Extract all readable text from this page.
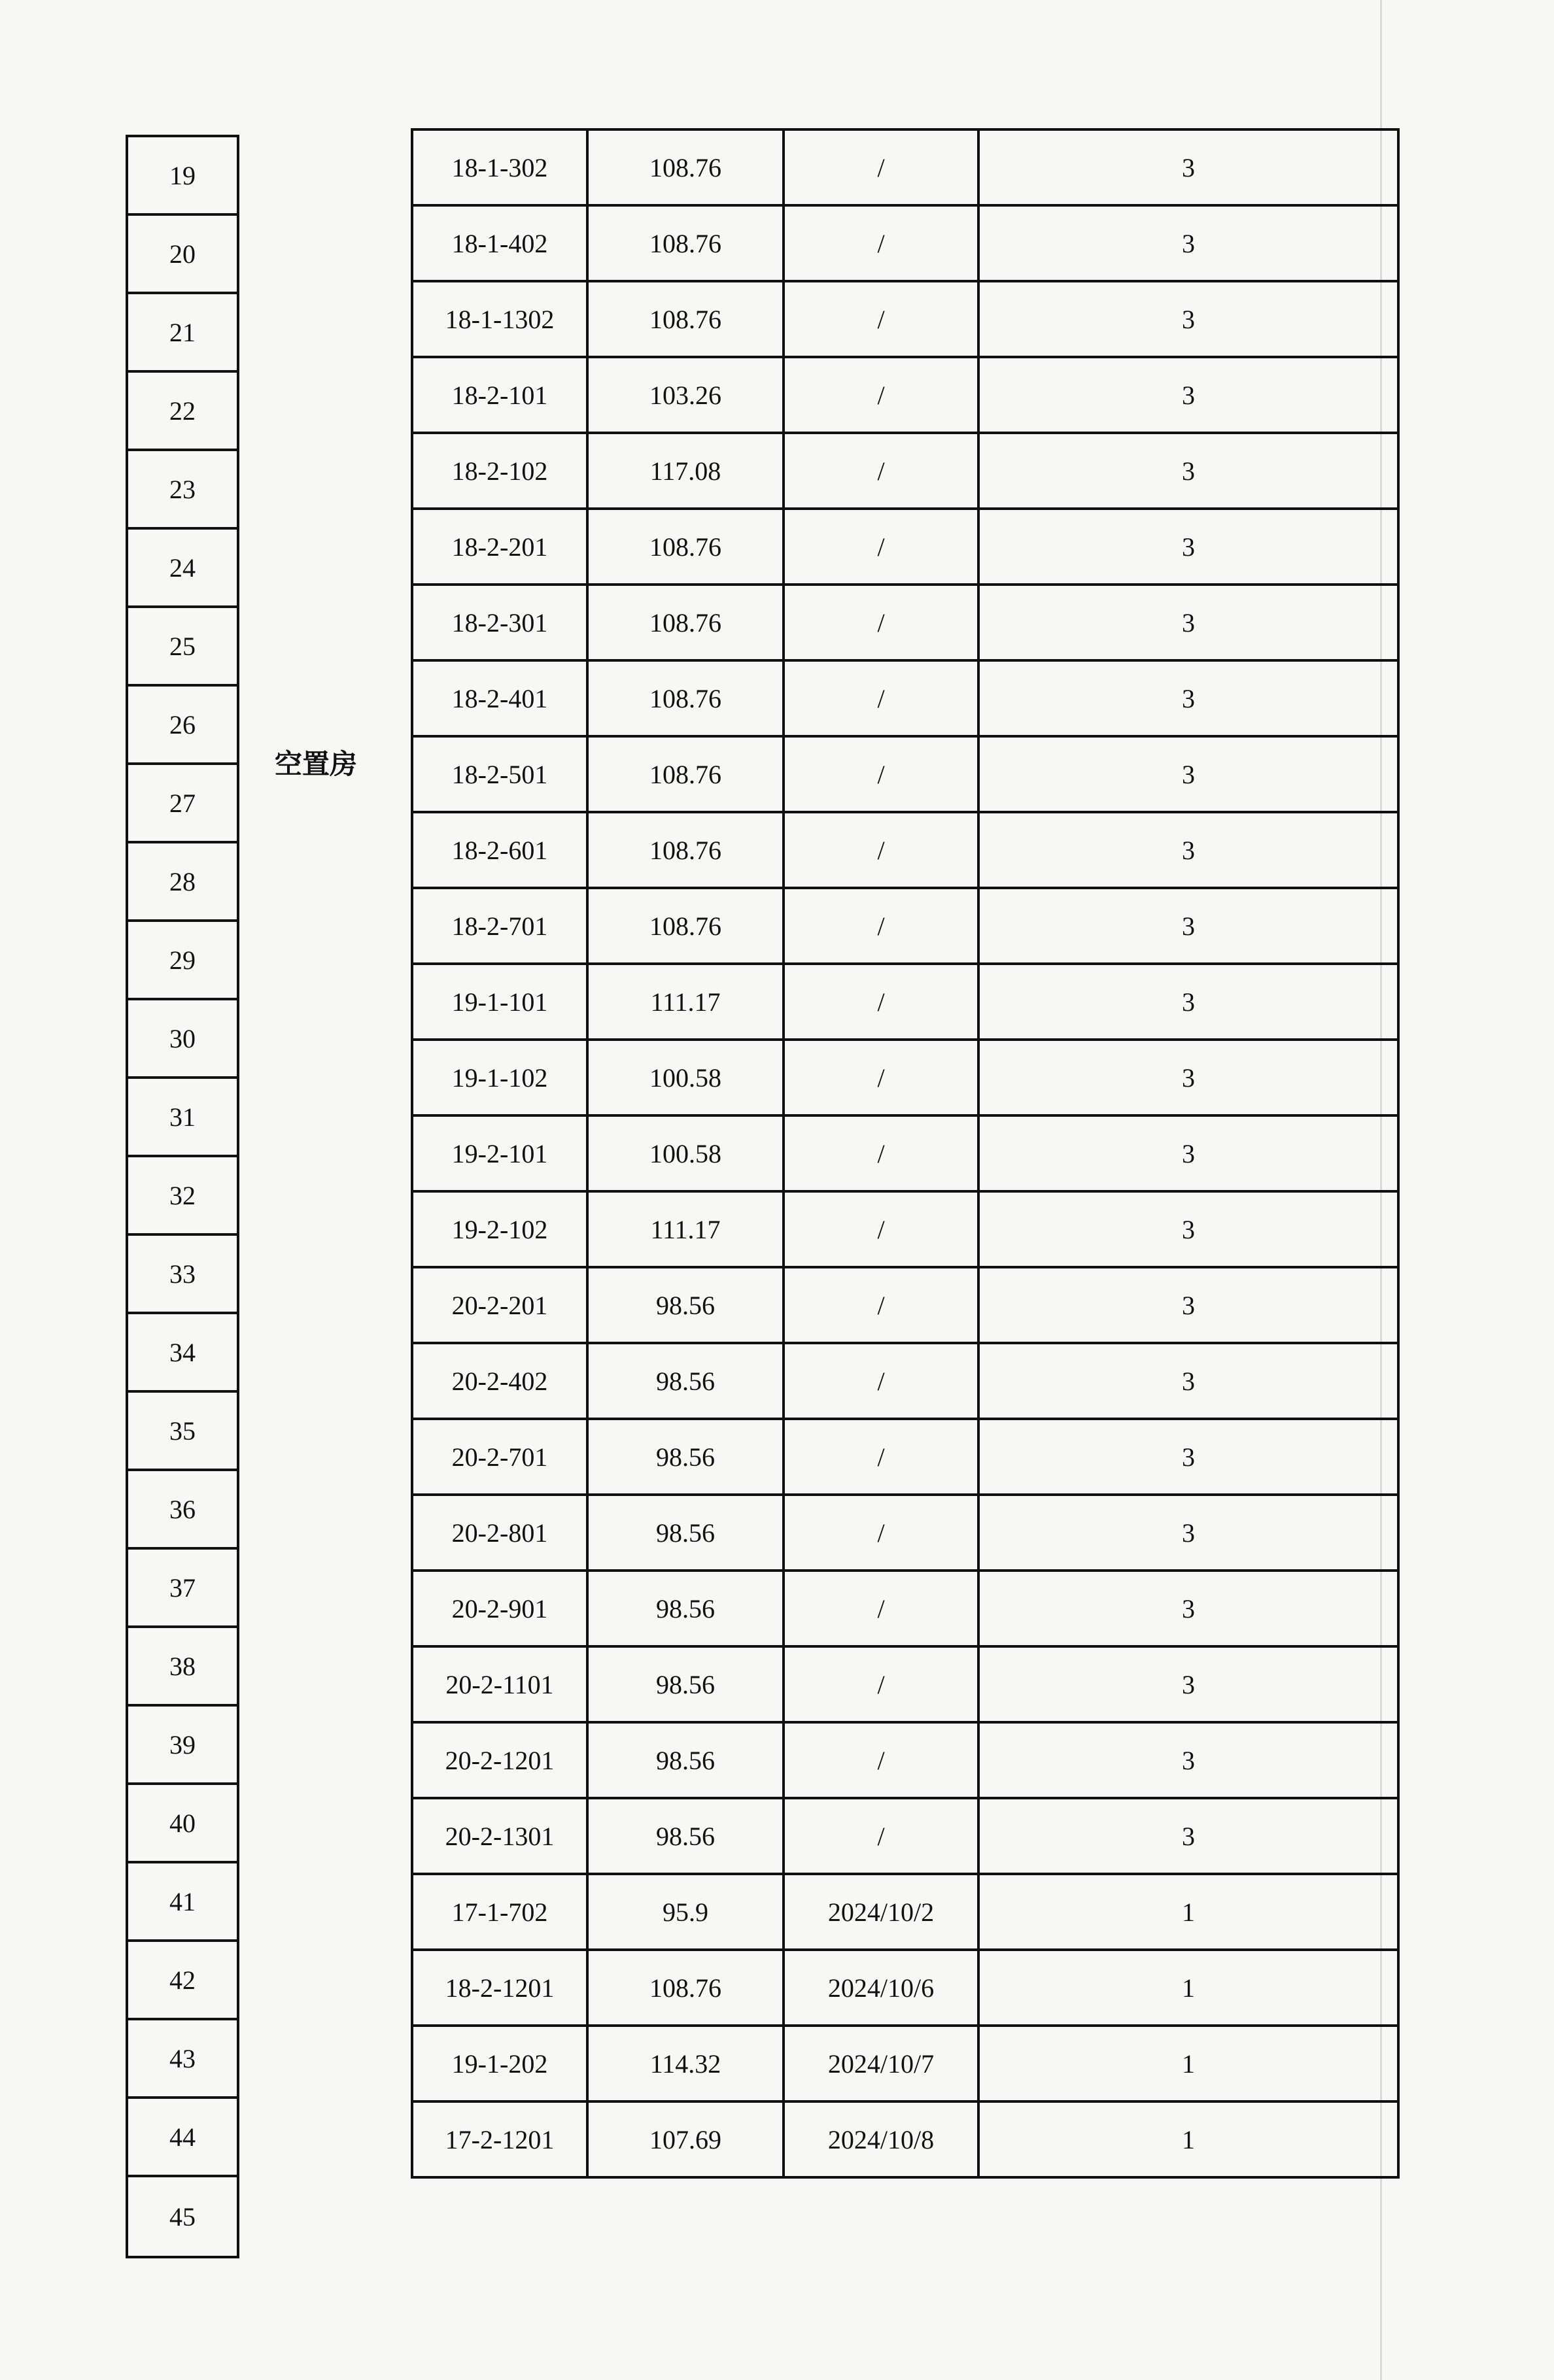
19
20
21
22
23
24
25
26
27
28
29
30
31
32
33
34
35
36
37
38
39
40
41
42
43
44
45
空置房
18-1-302	108.76	/	3
18-1-402	108.76	/	3
18-1-1302	108.76	/	3
18-2-101	103.26	/	3
18-2-102	117.08	/	3
18-2-201	108.76	/	3
18-2-301	108.76	/	3
18-2-401	108.76	/	3
18-2-501	108.76	/	3
18-2-601	108.76	/	3
18-2-701	108.76	/	3
19-1-101	111.17	/	3
19-1-102	100.58	/	3
19-2-101	100.58	/	3
19-2-102	111.17	/	3
20-2-201	98.56	/	3
20-2-402	98.56	/	3
20-2-701	98.56	/	3
20-2-801	98.56	/	3
20-2-901	98.56	/	3
20-2-1101	98.56	/	3
20-2-1201	98.56	/	3
20-2-1301	98.56	/	3
17-1-702	95.9	2024/10/2	1
18-2-1201	108.76	2024/10/6	1
19-1-202	114.32	2024/10/7	1
17-2-1201	107.69	2024/10/8	1
